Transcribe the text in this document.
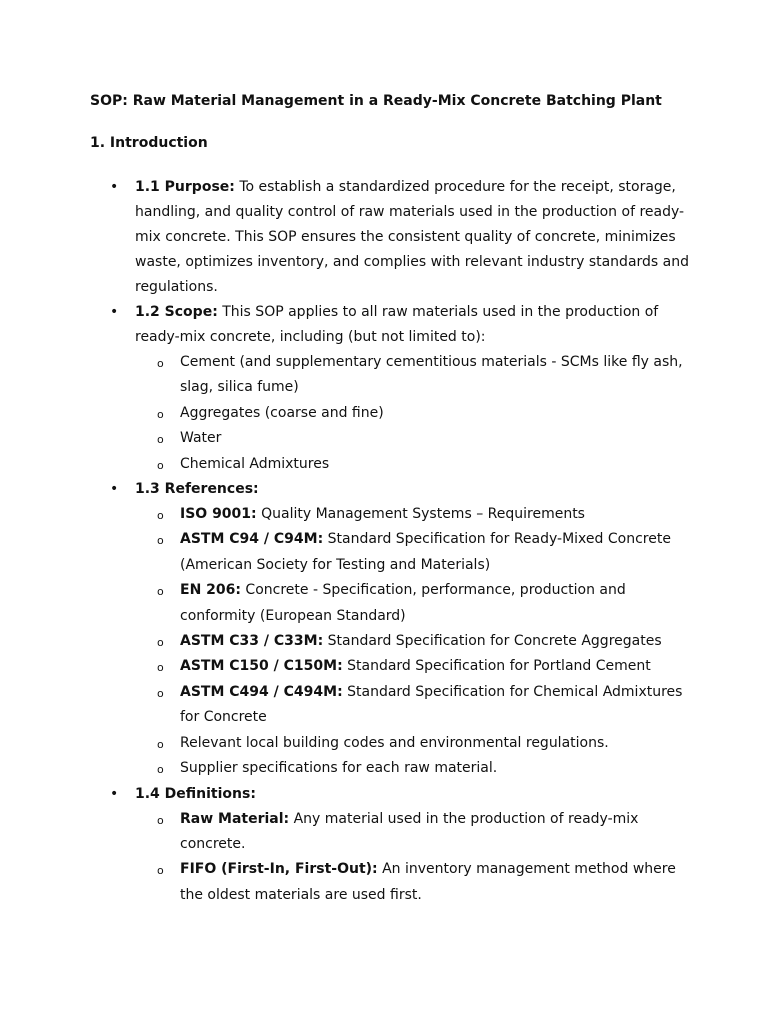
SOP: Raw Material Management in a Ready-Mix Concrete Batching Plant

1. Introduction

• 1.1 Purpose: To establish a standardized procedure for the receipt, storage, handling, and quality control of raw materials used in the production of ready-mix concrete. This SOP ensures the consistent quality of concrete, minimizes waste, optimizes inventory, and complies with relevant industry standards and regulations.
• 1.2 Scope: This SOP applies to all raw materials used in the production of ready-mix concrete, including (but not limited to):
o Cement (and supplementary cementitious materials - SCMs like fly ash, slag, silica fume)
o Aggregates (coarse and fine)
o Water
o Chemical Admixtures
• 1.3 References:
o ISO 9001: Quality Management Systems – Requirements
o ASTM C94 / C94M: Standard Specification for Ready-Mixed Concrete (American Society for Testing and Materials)
o EN 206: Concrete - Specification, performance, production and conformity (European Standard)
o ASTM C33 / C33M: Standard Specification for Concrete Aggregates
o ASTM C150 / C150M: Standard Specification for Portland Cement
o ASTM C494 / C494M: Standard Specification for Chemical Admixtures for Concrete
o Relevant local building codes and environmental regulations.
o Supplier specifications for each raw material.
• 1.4 Definitions:
o Raw Material: Any material used in the production of ready-mix concrete.
o FIFO (First-In, First-Out): An inventory management method where the oldest materials are used first.
